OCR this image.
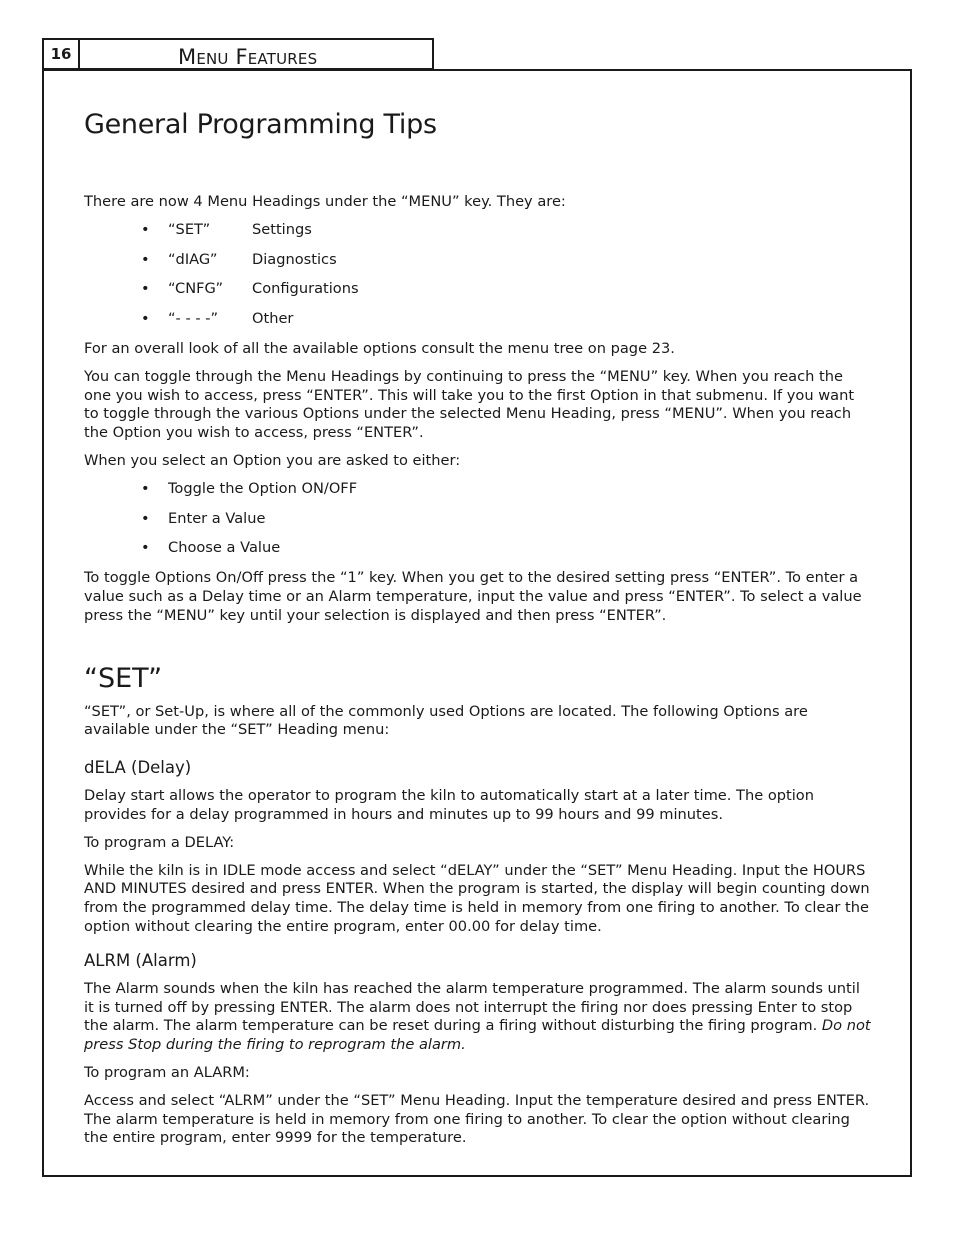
16	Menu Features
General Programming Tips

There are now 4 Menu Headings under the “MENU” key. They are:

• “SET”	Settings
• “dIAG” Diagnostics
• “CNFG” Configurations
• “- - - -” Other

For an overall look of all the available options consult the menu tree on page 23.

You can toggle through the Menu Headings by continuing to press the “MENU” key. When you reach the one you wish to access, press “ENTER”. This will take you to the first Option in that submenu. If you want to toggle through the various Options under the selected Menu Heading, press “MENU”. When you reach the Option you wish to access, press “ENTER”.

When you select an Option you are asked to either:

• Toggle the Option ON/OFF
• Enter a Value
• Choose a Value

To toggle Options On/Off press the “1” key. When you get to the desired setting press “ENTER”. To enter a value such as a Delay time or an Alarm temperature, input the value and press “ENTER”. To select a value press the “MENU” key until your selection is displayed and then press “ENTER”.

“SET”

“SET”, or Set-Up, is where all of the commonly used Options are located. The following Options are available under the “SET” Heading menu:

dELA (Delay)

Delay start allows the operator to program the kiln to automatically start at a later time. The option provides for a delay programmed in hours and minutes up to 99 hours and 99 minutes.

To program a DELAY:

While the kiln is in IDLE mode access and select “dELAY” under the “SET” Menu Heading. Input the HOURS AND MINUTES desired and press ENTER. When the program is started, the display will begin counting down from the programmed delay time. The delay time is held in memory from one firing to another. To clear the option without clearing the entire program, enter 00.00 for delay time.

ALRM (Alarm)

The Alarm sounds when the kiln has reached the alarm temperature programmed. The alarm sounds until it is turned off by pressing ENTER. The alarm does not interrupt the firing nor does pressing Enter to stop the alarm. The alarm temperature can be reset during a firing without disturbing the firing program. Do not press Stop during the firing to reprogram the alarm.

To program an ALARM:

Access and select “ALRM” under the “SET” Menu Heading. Input the temperature desired and press ENTER. The alarm temperature is held in memory from one firing to another. To clear the option without clearing the entire program, enter 9999 for the temperature.
